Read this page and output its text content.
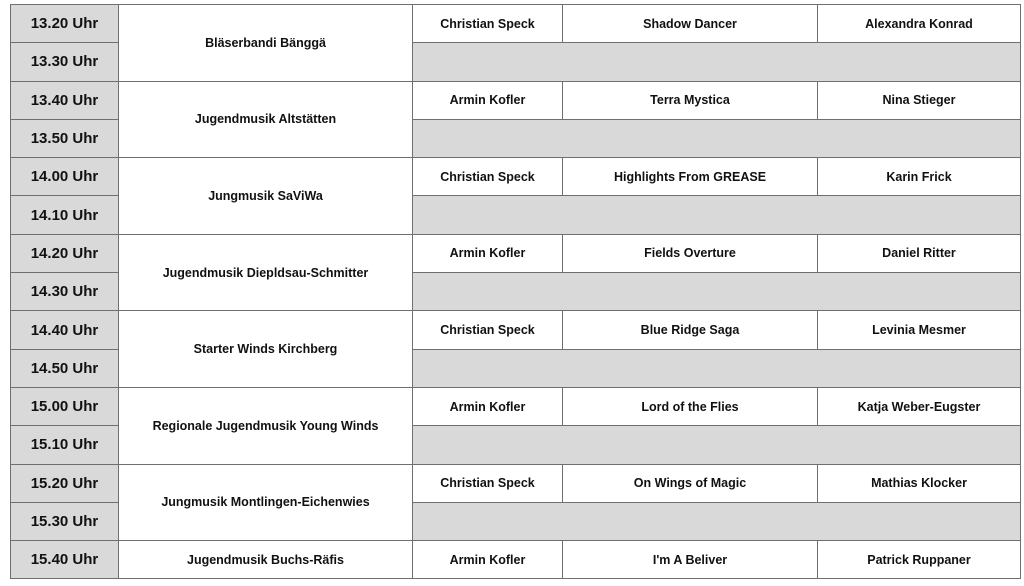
13.20 Uhr	Bläserbandi Bänggä	Christian Speck	Shadow Dancer	Alexandra Konrad
13.30 Uhr				
13.40 Uhr	Jugendmusik Altstätten	Armin Kofler	Terra Mystica	Nina Stieger
13.50 Uhr				
14.00 Uhr	Jungmusik SaViWa	Christian Speck	Highlights From GREASE	Karin Frick
14.10 Uhr				
14.20 Uhr	Jugendmusik Diepldsau-Schmitter	Armin Kofler	Fields Overture	Daniel Ritter
14.30 Uhr				
14.40 Uhr	Starter Winds Kirchberg	Christian Speck	Blue Ridge Saga	Levinia Mesmer
14.50 Uhr				
15.00 Uhr	Regionale Jugendmusik Young Winds	Armin Kofler	Lord of the Flies	Katja Weber-Eugster
15.10 Uhr				
15.20 Uhr	Jungmusik Montlingen-Eichenwies	Christian Speck	On Wings of Magic	Mathias Klocker
15.30 Uhr				
15.40 Uhr	Jugendmusik Buchs-Räfis	Armin Kofler	I'm A Beliver	Patrick Ruppaner
